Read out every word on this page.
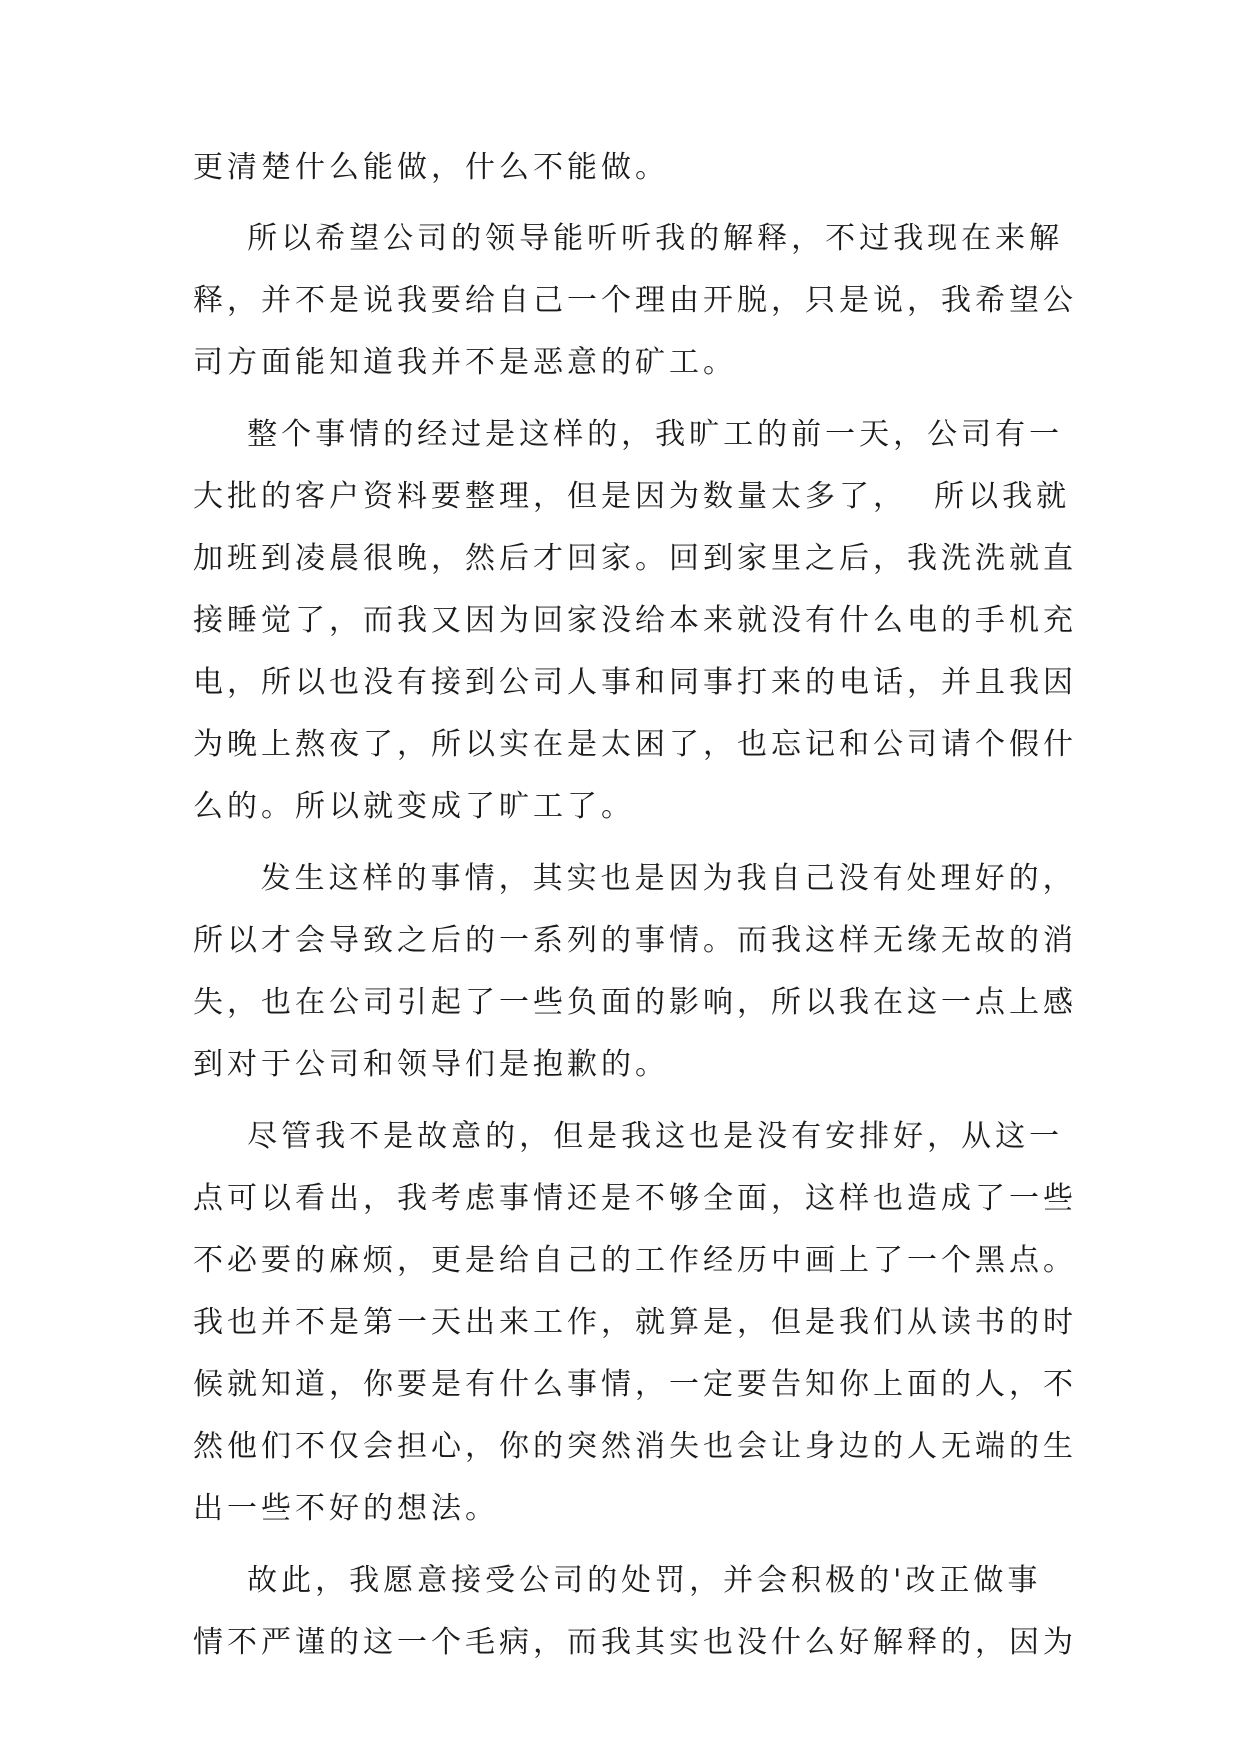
更清楚什么能做，什么不能做。
所以希望公司的领导能听听我的解释，不过我现在来解
释，并不是说我要给自己一个理由开脱，只是说，我希望公
司方面能知道我并不是恶意的矿工。
整个事情的经过是这样的，我旷工的前一天，公司有一
大批的客户资料要整理，但是因为数量太多了，  所以我就
加班到凌晨很晚，然后才回家。回到家里之后，我洗洗就直
接睡觉了，而我又因为回家没给本来就没有什么电的手机充
电，所以也没有接到公司人事和同事打来的电话，并且我因
为晚上熬夜了，所以实在是太困了，也忘记和公司请个假什
么的。所以就变成了旷工了。
发生这样的事情，其实也是因为我自己没有处理好的，
所以才会导致之后的一系列的事情。而我这样无缘无故的消
失，也在公司引起了一些负面的影响，所以我在这一点上感
到对于公司和领导们是抱歉的。
尽管我不是故意的，但是我这也是没有安排好，从这一
点可以看出，我考虑事情还是不够全面，这样也造成了一些
不必要的麻烦，更是给自己的工作经历中画上了一个黑点。
我也并不是第一天出来工作，就算是，但是我们从读书的时
候就知道，你要是有什么事情，一定要告知你上面的人，不
然他们不仅会担心，你的突然消失也会让身边的人无端的生
出一些不好的想法。
故此，我愿意接受公司的处罚，并会积极的'改正做事
情不严谨的这一个毛病，而我其实也没什么好解释的，因为
